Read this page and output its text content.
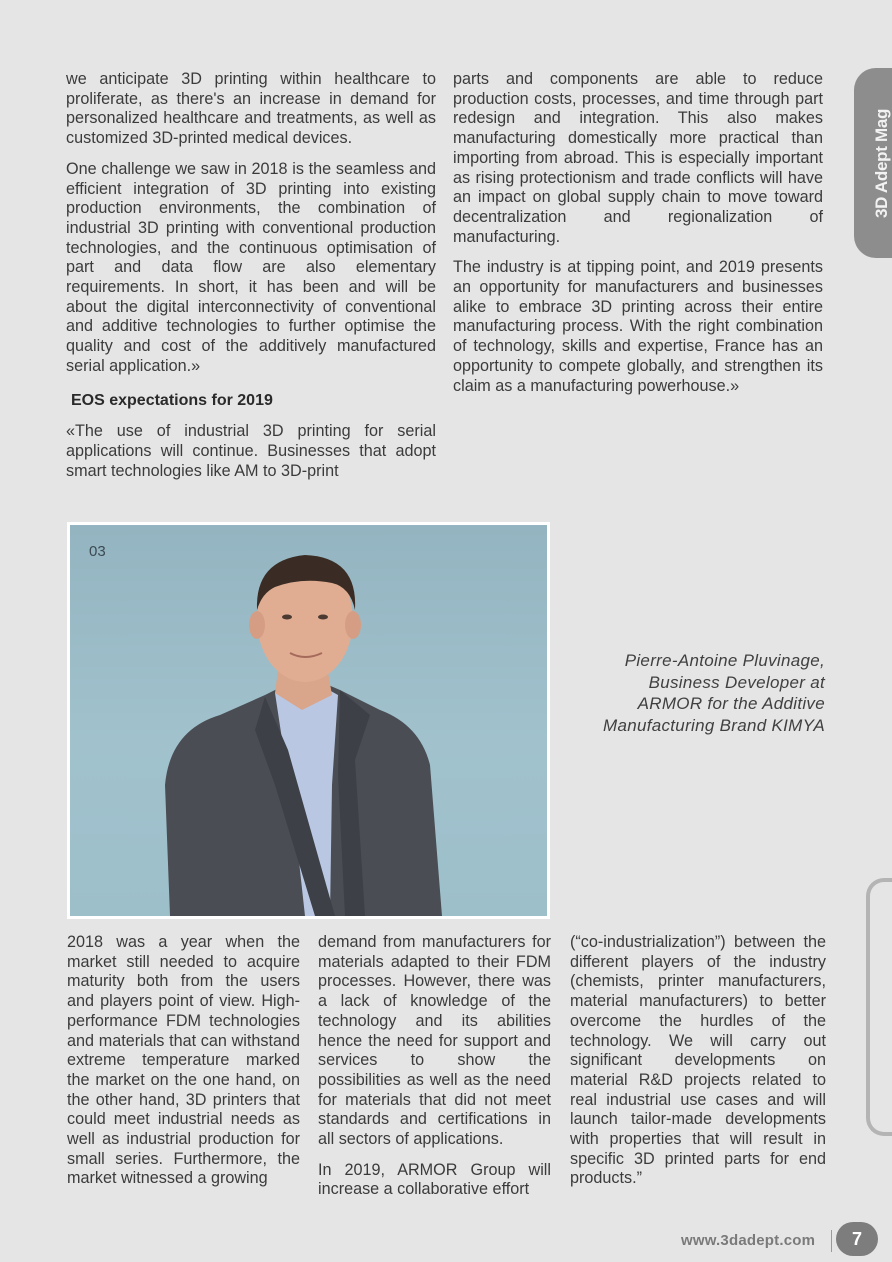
3D Adept Mag

we anticipate 3D printing within healthcare to proliferate, as there's an increase in demand for personalized healthcare and treatments, as well as customized 3D-printed medical devices.

One challenge we saw in 2018 is the seamless and efficient integration of 3D printing into existing production environments, the combination of industrial 3D printing with conventional production technologies, and the continuous optimisation of part and data flow are also elementary requirements. In short, it has been and will be about the digital interconnectivity of conventional and additive technologies to further optimise the quality and cost of the additively manufactured serial application.»

EOS expectations for 2019

«The use of industrial 3D printing for serial applications will continue. Businesses that adopt smart technologies like AM to 3D-print

parts and components are able to reduce production costs, processes, and time through part redesign and integration. This also makes manufacturing domestically more practical than importing from abroad. This is especially important as rising protectionism and trade conflicts will have an impact on global supply chain to move toward decentralization and regionalization of manufacturing.

The industry is at tipping point, and 2019 presents an opportunity for manufacturers and businesses alike to embrace 3D printing across their entire manufacturing process. With the right combination of technology, skills and expertise, France has an opportunity to compete globally, and strengthen its claim as a manufacturing powerhouse.»

03
Pierre-Antoine Pluvinage,
Business Developer at
ARMOR for the Additive
Manufacturing Brand KIMYA

2018 was a year when the market still needed to acquire maturity both from the users and players point of view. High-performance FDM technologies and materials that can withstand extreme temperature marked the market on the one hand, on the other hand, 3D printers that could meet industrial needs as well as industrial production for small series. Furthermore, the market witnessed a growing

demand from manufacturers for materials adapted to their FDM processes. However, there was a lack of knowledge of the technology and its abilities hence the need for support and services to show the possibilities as well as the need for materials that did not meet standards and certifications in all sectors of applications.

In 2019, ARMOR Group will increase a collaborative effort

(“co-industrialization”) between the different players of the industry (chemists, printer manufacturers, material manufacturers) to better overcome the hurdles of the technology. We will carry out significant developments on material R&D projects related to real industrial use cases and will launch tailor-made developments with properties that will result in specific 3D printed parts for end products.”

www.3dadept.com	7
